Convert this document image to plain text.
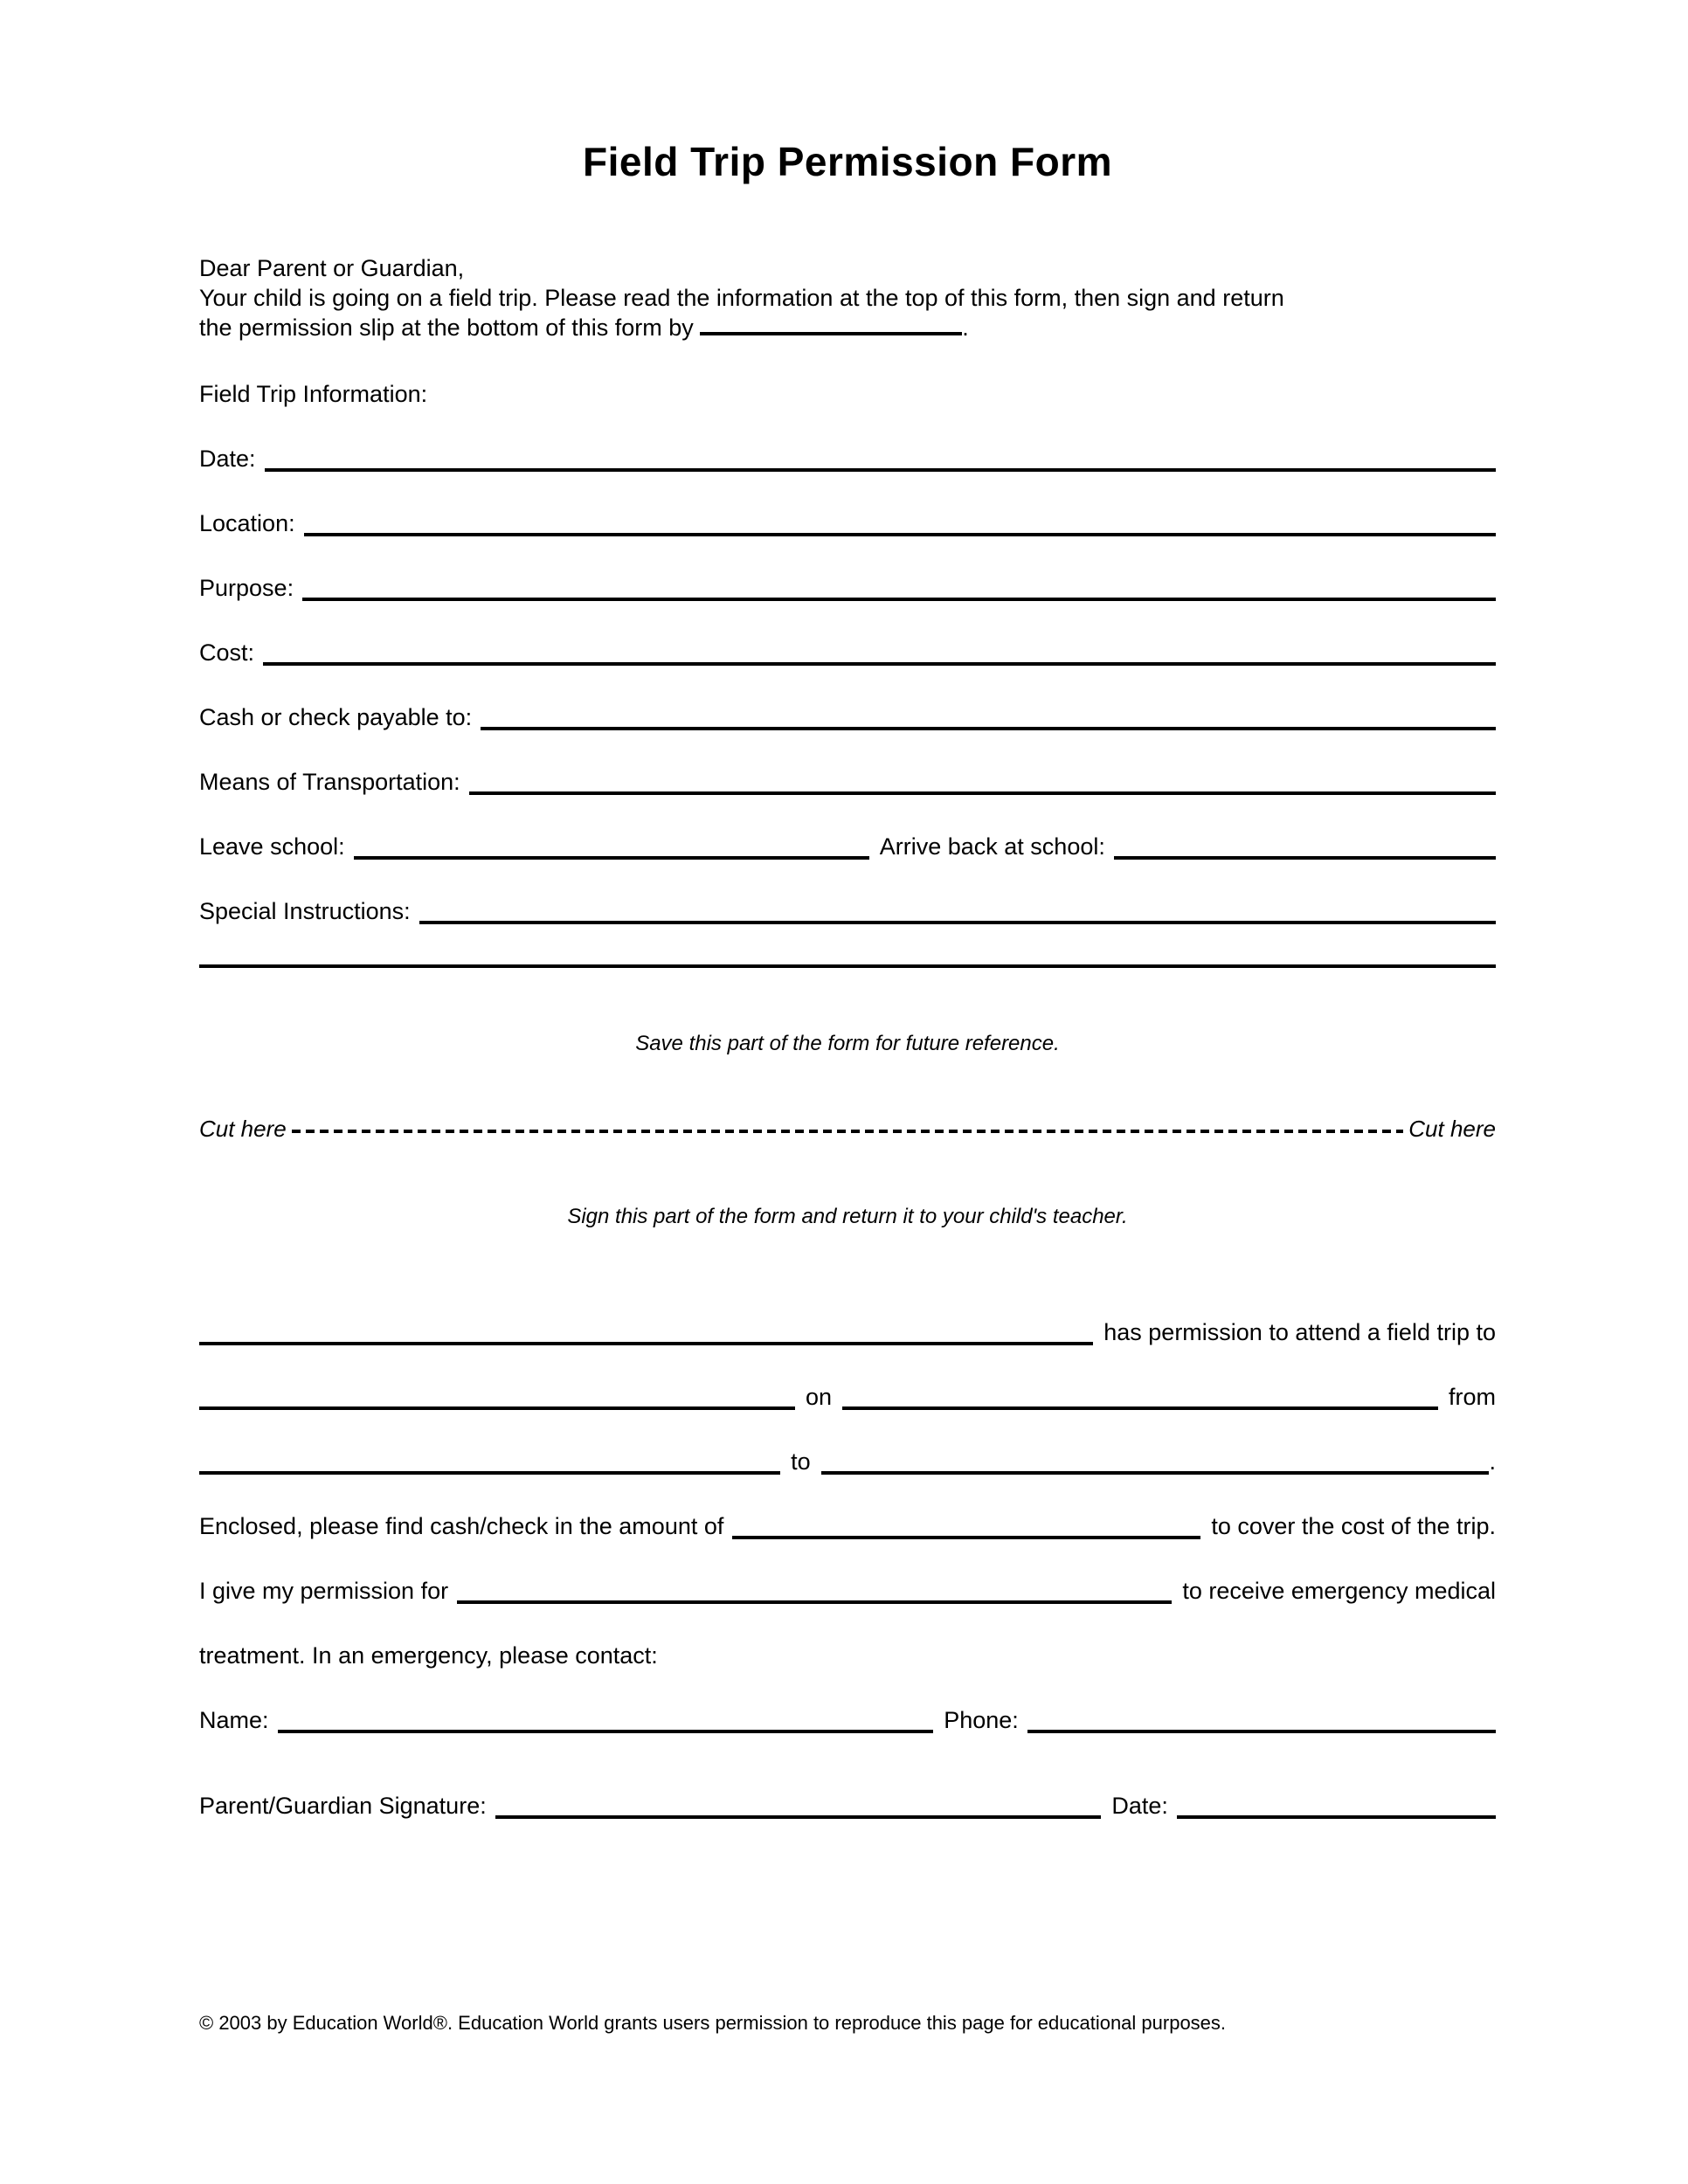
Field Trip Permission Form
Dear Parent or Guardian,
Your child is going on a field trip. Please read the information at the top of this form, then sign and return
the permission slip at the bottom of this form by	.
Field Trip Information:
Date:
Location:
Purpose:
Cost:
Cash or check payable to:
Means of Transportation:
Leave school:	Arrive back at school:
Special Instructions:
Save this part of the form for future reference.
Cut here	Cut here
Sign this part of the form and return it to your child's teacher.
has permission to attend a field trip to
on	from
to	.
Enclosed, please find cash/check in the amount of	to cover the cost of the trip.
I give my permission for	to receive emergency medical
treatment. In an emergency, please contact:
Name:	Phone:
Parent/Guardian Signature:	Date:
© 2003 by Education World®. Education World grants users permission to reproduce this page for educational purposes.
